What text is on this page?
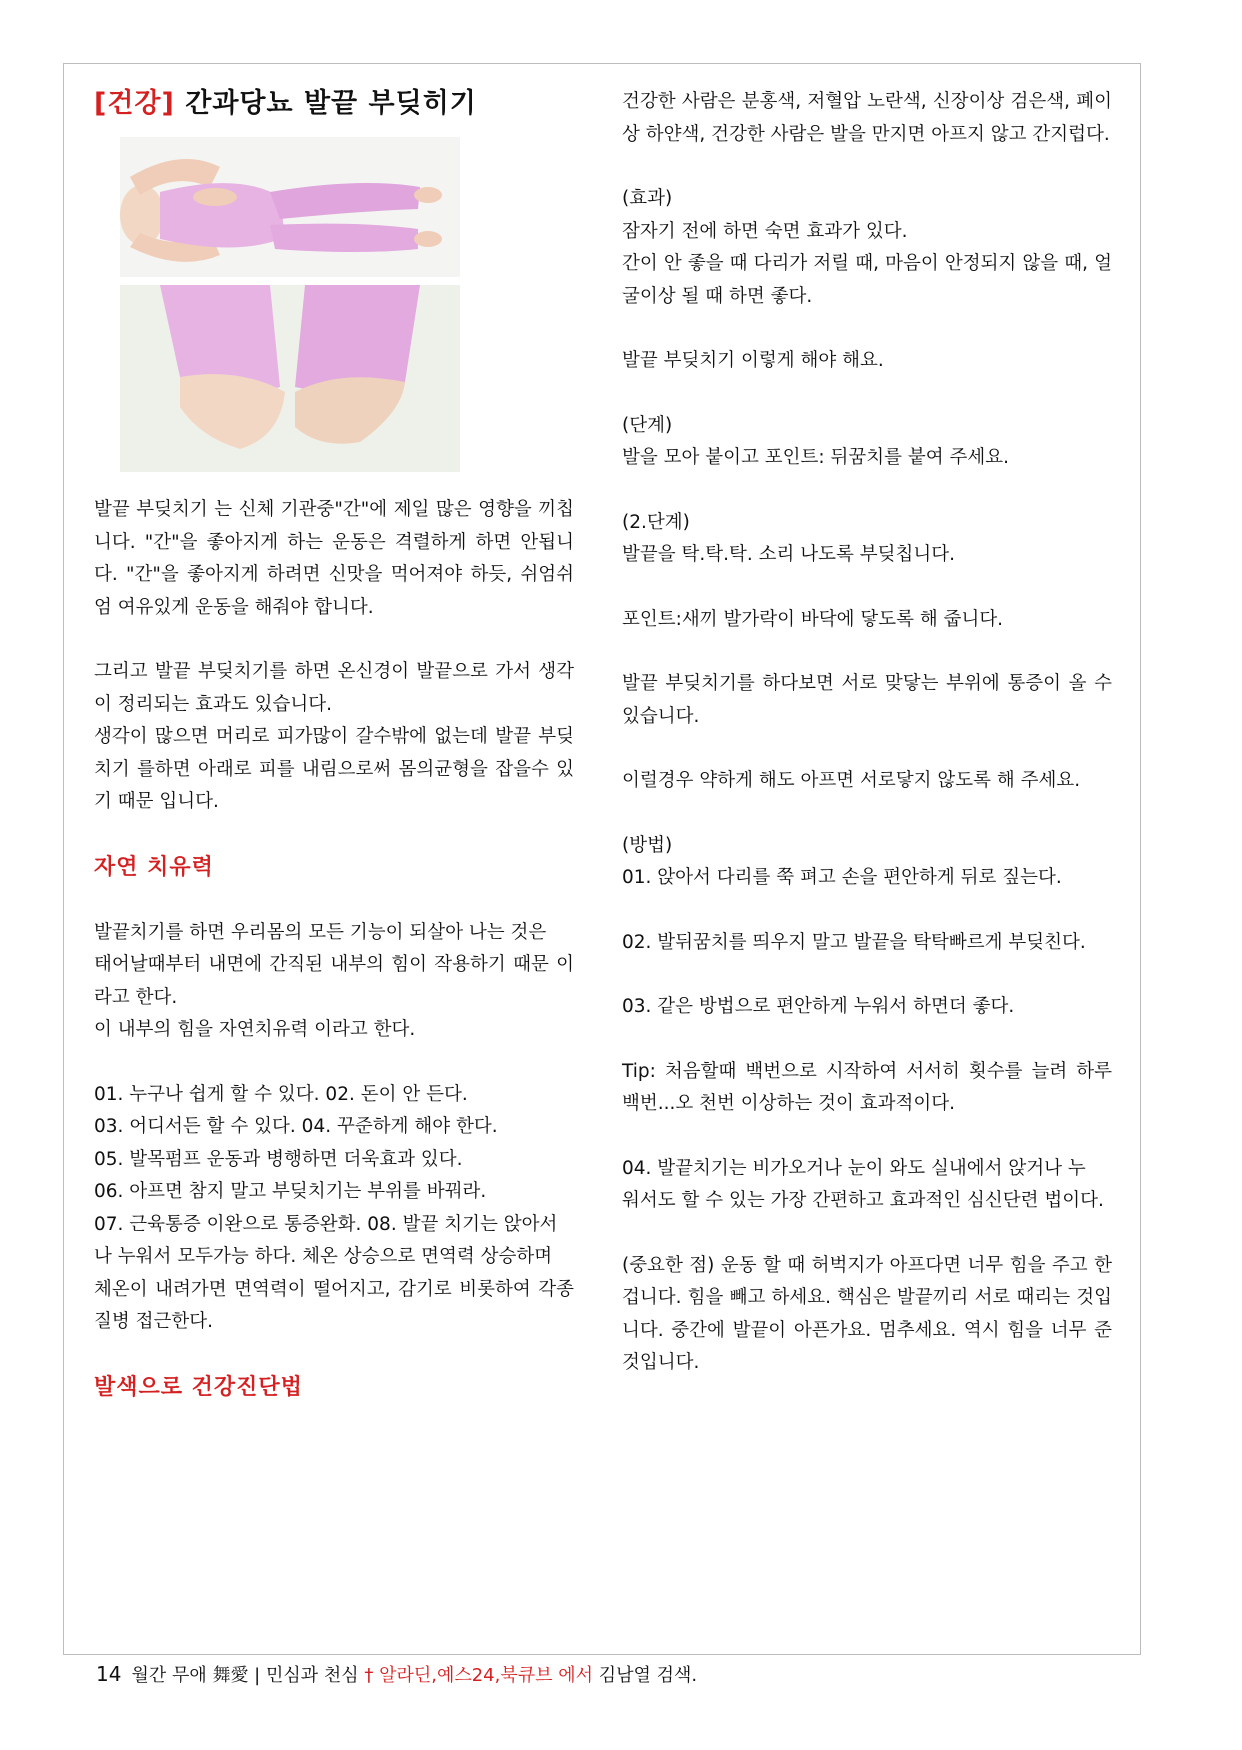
[건강] 간과당뇨 발끝 부딪히기

발끝 부딪치기 는 신체 기관중"간"에 제일 많은 영향을 끼칩니다. "간"을 좋아지게 하는 운동은 격렬하게 하면 안됩니다. "간"을 좋아지게 하려면 신맛을 먹어져야 하듯, 쉬엄쉬엄 여유있게 운동을 해줘야 합니다.

그리고 발끝 부딪치기를 하면 온신경이 발끝으로 가서 생각이 정리되는 효과도 있습니다.

생각이 많으면 머리로 피가많이 갈수밖에 없는데 발끝 부딪치기 를하면 아래로 피를 내림으로써 몸의균형을 잡을수 있기 때문 입니다.

자연 치유력

발끝치기를 하면 우리몸의 모든 기능이 되살아 나는 것은

태어날때부터 내면에 간직된 내부의 힘이 작용하기 때문 이라고 한다.

이 내부의 힘을 자연치유력 이라고 한다.

01. 누구나 쉽게 할 수 있다. 02. 돈이 안 든다.

03. 어디서든 할 수 있다. 04. 꾸준하게 해야 한다.

05. 발목펌프 운동과 병행하면 더욱효과 있다.

06. 아프면 참지 말고 부딪치기는 부위를 바꿔라.

07. 근육통증 이완으로 통증완화. 08. 발끝 치기는 앉아서

나 누워서 모두가능 하다. 체온 상승으로 면역력 상승하며

체온이 내려가면 면역력이 떨어지고, 감기로 비롯하여 각종 질병 접근한다.

발색으로 건강진단법

건강한 사람은 분홍색, 저혈압 노란색, 신장이상 검은색, 폐이상 하얀색, 건강한 사람은 발을 만지면 아프지 않고 간지럽다.

(효과)

잠자기 전에 하면 숙면 효과가 있다.

간이 안 좋을 때 다리가 저릴 때, 마음이 안정되지 않을 때, 얼굴이상 될 때 하면 좋다.

발끝 부딪치기 이렇게 해야 해요.

(단계)

발을 모아 붙이고 포인트: 뒤꿈치를 붙여 주세요.

(2.단계)

발끝을 탁.탁.탁. 소리 나도록 부딪칩니다.

포인트:새끼 발가락이 바닥에 닿도록 해 줍니다.

발끝 부딪치기를 하다보면 서로 맞닿는 부위에 통증이 올 수 있습니다.

이럴경우 약하게 해도 아프면 서로닿지 않도록 해 주세요.

(방법)

01. 앉아서 다리를 쭉 펴고 손을 편안하게 뒤로 짚는다.

02. 발뒤꿈치를 띄우지 말고 발끝을 탁탁빠르게 부딪친다.

03. 같은 방법으로 편안하게 누워서 하면더 좋다.

Tip: 처음할때 백번으로 시작하여 서서히 횟수를 늘려 하루 백번...오 천번 이상하는 것이 효과적이다.

04. 발끝치기는 비가오거나 눈이 와도 실내에서 앉거나 누

워서도 할 수 있는 가장 간편하고 효과적인 심신단련 법이다.

(중요한 점) 운동 할 때 허벅지가 아프다면 너무 힘을 주고 한겁니다. 힘을 빼고 하세요. 핵심은 발끝끼리 서로 때리는 것입니다. 중간에 발끝이 아픈가요. 멈추세요. 역시 힘을 너무 준 것입니다.

14 월간 무애 舞愛 | 민심과 천심 † 알라딘,예스24,북큐브 에서 김남열 검색.
